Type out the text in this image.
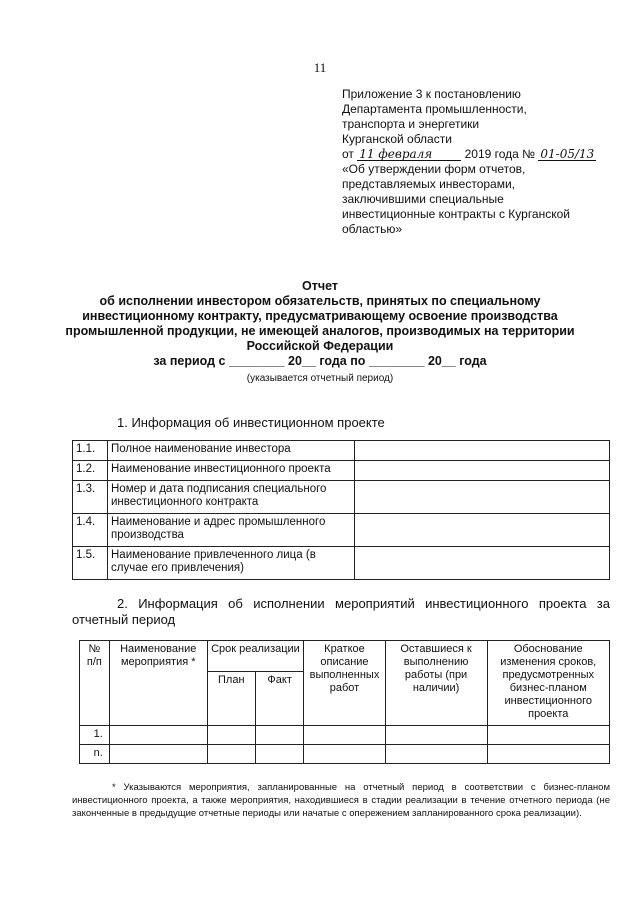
11
Приложение 3 к постановлению
Департамента промышленности,
транспорта и энергетики
Курганской области
от 11 февраля	2019 года № 01-05/13
«Об утверждении форм отчетов,
представляемых инвесторами,
заключившими специальные
инвестиционные контракты с Курганской
областью»
Отчет
об исполнении инвестором обязательств, принятых по специальному
инвестиционному контракту, предусматривающему освоение производства
промышленной продукции, не имеющей аналогов, производимых на территории
Российской Федерации
за период с ________ 20__ года по ________ 20__ года
(указывается отчетный период)
1. Информация об инвестиционном проекте
1.1.	Полное наименование инвестора	
1.2.	Наименование инвестиционного проекта	
1.3.	Номер и дата подписания специального инвестиционного контракта	
1.4.	Наименование и адрес промышленного производства	
1.5.	Наименование привлеченного лица (в случае его привлечения)	
2. Информация об исполнении мероприятий инвестиционного проекта за
отчетный период
№ п/п	Наименование мероприятия *	Срок реализации		Краткое описание выполненных работ	Оставшиеся к выполнению работы (при наличии)	Обоснование изменения сроков, предусмотренных бизнес-планом инвестиционного проекта
		План	Факт			
1.						
n.						
* Указываются мероприятия, запланированные на отчетный период в соответствии с бизнес-планом инвестиционного проекта, а также мероприятия, находившиеся в стадии реализации в течение отчетного периода (не законченные в предыдущие отчетные периоды или начатые с опережением запланированного срока реализации).
